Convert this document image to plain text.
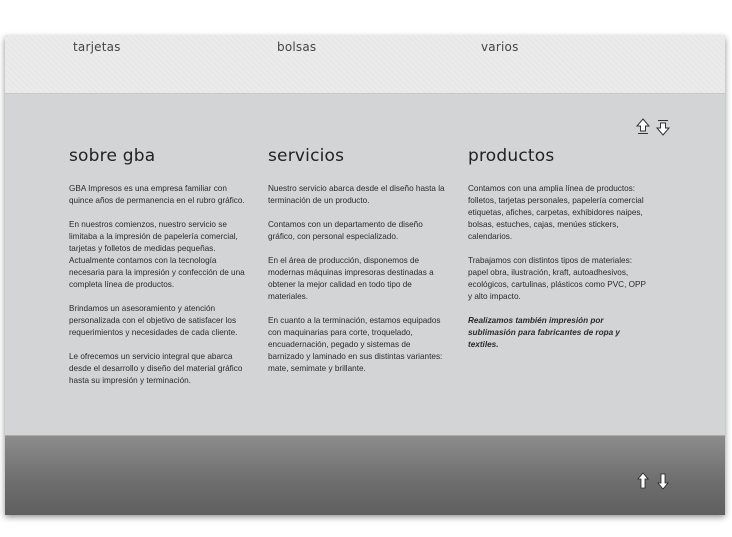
tarjetas	bolsas	varios
sobre gba

GBA Impresos es una empresa familiar con quince años de permanencia en el rubro gráfico.

En nuestros comienzos, nuestro servicio se limitaba a la impresión de papelería comercial, tarjetas y folletos de medidas pequeñas. Actualmente contamos con la tecnología necesaria para la impresión y confección de una completa línea de productos.

Brindamos un asesoramiento y atención personalizada con el objetivo de satisfacer los requerimientos y necesidades de cada cliente.

Le ofrecemos un servicio integral que abarca desde el desarrollo y diseño del material gráfico hasta su impresión y terminación.

servicios

Nuestro servicio abarca desde el diseño hasta la terminación de un producto.

Contamos con un departamento de diseño gráfico, con personal especializado.

En el área de producción, disponemos de modernas máquinas impresoras destinadas a obtener la mejor calidad en todo tipo de materiales.

En cuanto a la terminación, estamos equipados con maquinarias para corte, troquelado, encuadernación, pegado y sistemas de barnizado y laminado en sus distintas variantes: mate, semimate y brillante.

productos

Contamos con una amplia línea de productos: folletos, tarjetas personales, papelería comercial etiquetas, afiches, carpetas, exhibidores naipes, bolsas, estuches, cajas, menúes stickers, calendarios.

Trabajamos con distintos tipos de materiales: papel obra, ilustración, kraft, autoadhesivos, ecológicos, cartulinas, plásticos como PVC, OPP y alto impacto.

Realizamos también impresión por sublimasión para fabricantes de ropa y textiles.
